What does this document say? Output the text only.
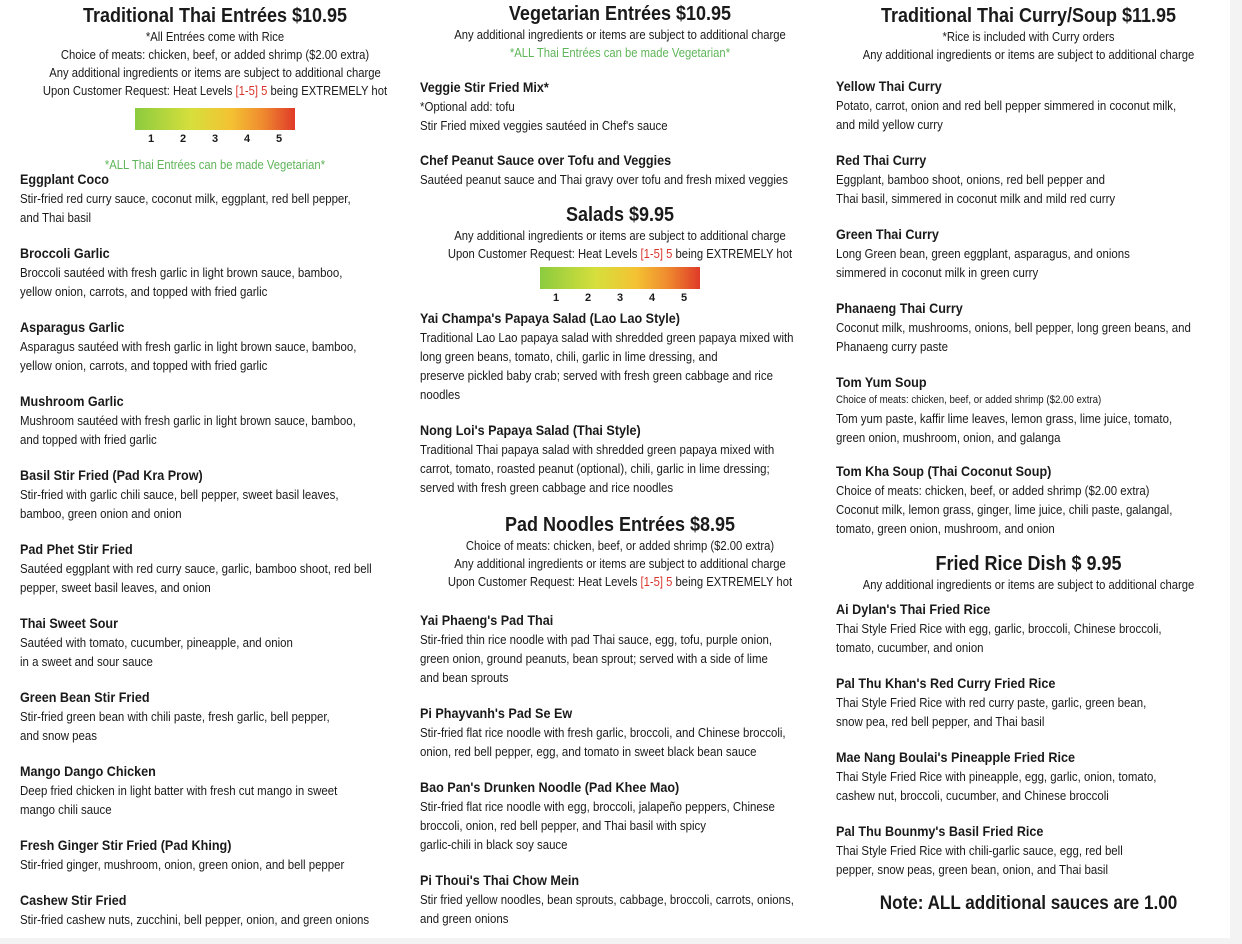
Traditional Thai Entrées $10.95
*All Entrées come with Rice
Choice of meats: chicken, beef, or added shrimp ($2.00 extra)
Any additional ingredients or items are subject to additional charge
Upon Customer Request: Heat Levels [1-5] 5 being EXTREMELY hot
1 2 3 4 5
*ALL Thai Entrées can be made Vegetarian*
Eggplant Coco
Stir-fried red curry sauce, coconut milk, eggplant, red bell pepper,
and Thai basil
Broccoli Garlic
Broccoli sautéed with fresh garlic in light brown sauce, bamboo,
yellow onion, carrots, and topped with fried garlic
Asparagus Garlic
Asparagus sautéed with fresh garlic in light brown sauce, bamboo,
yellow onion, carrots, and topped with fried garlic
Mushroom Garlic
Mushroom sautéed with fresh garlic in light brown sauce, bamboo,
and topped with fried garlic
Basil Stir Fried (Pad Kra Prow)
Stir-fried with garlic chili sauce, bell pepper, sweet basil leaves,
bamboo, green onion and onion
Pad Phet Stir Fried
Sautéed eggplant with red curry sauce, garlic, bamboo shoot, red bell
pepper, sweet basil leaves, and onion
Thai Sweet Sour
Sautéed with tomato, cucumber, pineapple, and onion
in a sweet and sour sauce
Green Bean Stir Fried
Stir-fried green bean with chili paste, fresh garlic, bell pepper,
and snow peas
Mango Dango Chicken
Deep fried chicken in light batter with fresh cut mango in sweet
mango chili sauce
Fresh Ginger Stir Fried (Pad Khing)
Stir-fried ginger, mushroom, onion, green onion, and bell pepper
Cashew Stir Fried
Stir-fried cashew nuts, zucchini, bell pepper, onion, and green onions
Vegetarian Entrées $10.95
Any additional ingredients or items are subject to additional charge
*ALL Thai Entrées can be made Vegetarian*
Veggie Stir Fried Mix*
*Optional add: tofu
Stir Fried mixed veggies sautéed in Chef's sauce
Chef Peanut Sauce over Tofu and Veggies
Sautéed peanut sauce and Thai gravy over tofu and fresh mixed veggies
Salads $9.95
Any additional ingredients or items are subject to additional charge
Upon Customer Request: Heat Levels [1-5] 5 being EXTREMELY hot
1 2 3 4 5
Yai Champa's Papaya Salad (Lao Lao Style)
Traditional Lao Lao papaya salad with shredded green papaya mixed with
long green beans, tomato, chili, garlic in lime dressing, and
preserve pickled baby crab; served with fresh green cabbage and rice
noodles
Nong Loi's Papaya Salad (Thai Style)
Traditional Thai papaya salad with shredded green papaya mixed with
carrot, tomato, roasted peanut (optional), chili, garlic in lime dressing;
served with fresh green cabbage and rice noodles
Pad Noodles Entrées $8.95
Choice of meats: chicken, beef, or added shrimp ($2.00 extra)
Any additional ingredients or items are subject to additional charge
Upon Customer Request: Heat Levels [1-5] 5 being EXTREMELY hot
Yai Phaeng's Pad Thai
Stir-fried thin rice noodle with pad Thai sauce, egg, tofu, purple onion,
green onion, ground peanuts, bean sprout; served with a side of lime
and bean sprouts
Pi Phayvanh's Pad Se Ew
Stir-fried flat rice noodle with fresh garlic, broccoli, and Chinese broccoli,
onion, red bell pepper, egg, and tomato in sweet black bean sauce
Bao Pan's Drunken Noodle (Pad Khee Mao)
Stir-fried flat rice noodle with egg, broccoli, jalapeño peppers, Chinese
broccoli, onion, red bell pepper, and Thai basil with spicy
garlic-chili in black soy sauce
Pi Thoui's Thai Chow Mein
Stir fried yellow noodles, bean sprouts, cabbage, broccoli, carrots, onions,
and green onions
Traditional Thai Curry/Soup $11.95
*Rice is included with Curry orders
Any additional ingredients or items are subject to additional charge
Yellow Thai Curry
Potato, carrot, onion and red bell pepper simmered in coconut milk,
and mild yellow curry
Red Thai Curry
Eggplant, bamboo shoot, onions, red bell pepper and
Thai basil, simmered in coconut milk and mild red curry
Green Thai Curry
Long Green bean, green eggplant, asparagus, and onions
simmered in coconut milk in green curry
Phanaeng Thai Curry
Coconut milk, mushrooms, onions, bell pepper, long green beans, and
Phanaeng curry paste
Tom Yum Soup
Choice of meats: chicken, beef, or added shrimp ($2.00 extra)
Tom yum paste, kaffir lime leaves, lemon grass, lime juice, tomato,
green onion, mushroom, onion, and galanga
Tom Kha Soup (Thai Coconut Soup)
Choice of meats: chicken, beef, or added shrimp ($2.00 extra)
Coconut milk, lemon grass, ginger, lime juice, chili paste, galangal,
tomato, green onion, mushroom, and onion
Fried Rice Dish $ 9.95
Any additional ingredients or items are subject to additional charge
Ai Dylan's Thai Fried Rice
Thai Style Fried Rice with egg, garlic, broccoli, Chinese broccoli,
tomato, cucumber, and onion
Pal Thu Khan's Red Curry Fried Rice
Thai Style Fried Rice with red curry paste, garlic, green bean,
snow pea, red bell pepper, and Thai basil
Mae Nang Boulai's Pineapple Fried Rice
Thai Style Fried Rice with pineapple, egg, garlic, onion, tomato,
cashew nut, broccoli, cucumber, and Chinese broccoli
Pal Thu Bounmy's Basil Fried Rice
Thai Style Fried Rice with chili-garlic sauce, egg, red bell
pepper, snow peas, green bean, onion, and Thai basil
Note: ALL additional sauces are 1.00
